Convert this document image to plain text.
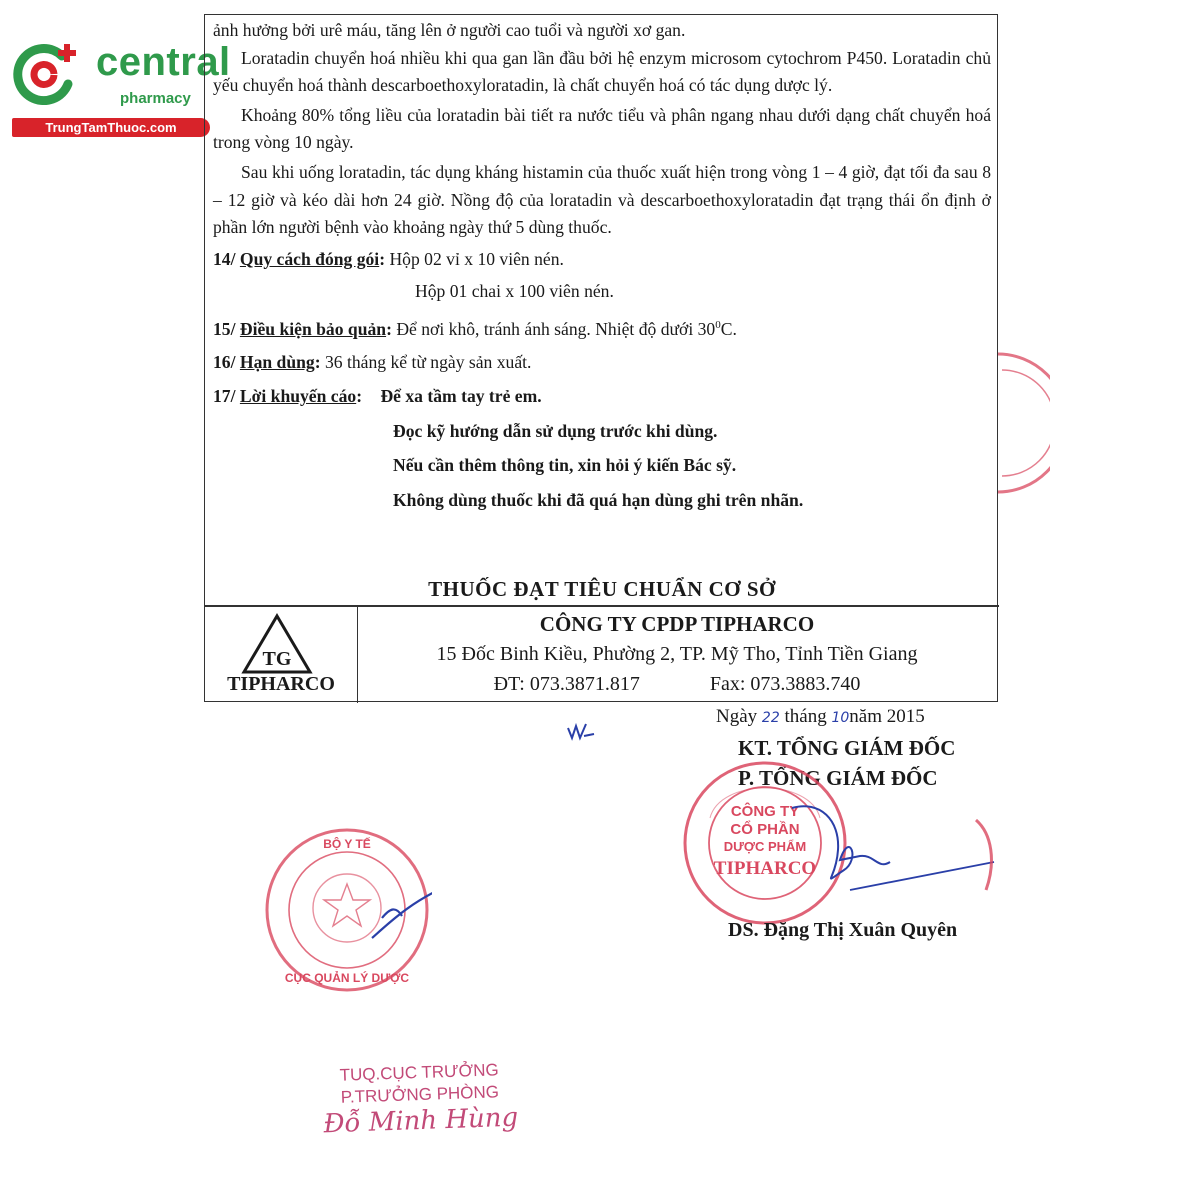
central
pharmacy
TrungTamThuoc.com

ảnh hưởng bởi urê máu, tăng lên ở người cao tuổi và người xơ gan.

Loratadin chuyển hoá nhiều khi qua gan lần đầu bởi hệ enzym microsom cytochrom P450. Loratadin chủ yếu chuyển hoá thành descarboethoxyloratadin, là chất chuyển hoá có tác dụng dược lý.

Khoảng 80% tổng liều của loratadin bài tiết ra nước tiểu và phân ngang nhau dưới dạng chất chuyển hoá trong vòng 10 ngày.

Sau khi uống loratadin, tác dụng kháng histamin của thuốc xuất hiện trong vòng 1 – 4 giờ, đạt tối đa sau 8 – 12 giờ và kéo dài hơn 24 giờ. Nồng độ của loratadin và descarboethoxyloratadin đạt trạng thái ổn định ở phần lớn người bệnh vào khoảng ngày thứ 5 dùng thuốc.

14/ Quy cách đóng gói: Hộp 02 vỉ x 10 viên nén.

Hộp 01 chai x 100 viên nén.

15/ Điều kiện bảo quản: Để nơi khô, tránh ánh sáng. Nhiệt độ dưới $30^0C$.

16/ Hạn dùng: 36 tháng kể từ ngày sản xuất.

17/ Lời khuyến cáo: Để xa tầm tay trẻ em.

Đọc kỹ hướng dẫn sử dụng trước khi dùng.

Nếu cần thêm thông tin, xin hỏi ý kiến Bác sỹ.

Không dùng thuốc khi đã quá hạn dùng ghi trên nhãn.

THUỐC ĐẠT TIÊU CHUẨN CƠ SỞ
TG
TIPHARCO
CÔNG TY CPDP TIPHARCO
15 Đốc Binh Kiều, Phường 2, TP. Mỹ Tho, Tỉnh Tiền Giang
ĐT: 073.3871.817	Fax: 073.3883.740
Ngày 22 tháng 10năm 2015
KT. TỔNG GIÁM ĐỐC
P. TỔNG GIÁM ĐỐC
CÔNG TY
CỔ PHẦN
DƯỢC PHẨM
TIPHARCO
DS. Đặng Thị Xuân Quyên
BỘ Y TẾ
CỤC QUẢN LÝ DƯỢC
TUQ.CỤC TRƯỞNG
P.TRƯỞNG PHÒNG
Đỗ Minh Hùng
